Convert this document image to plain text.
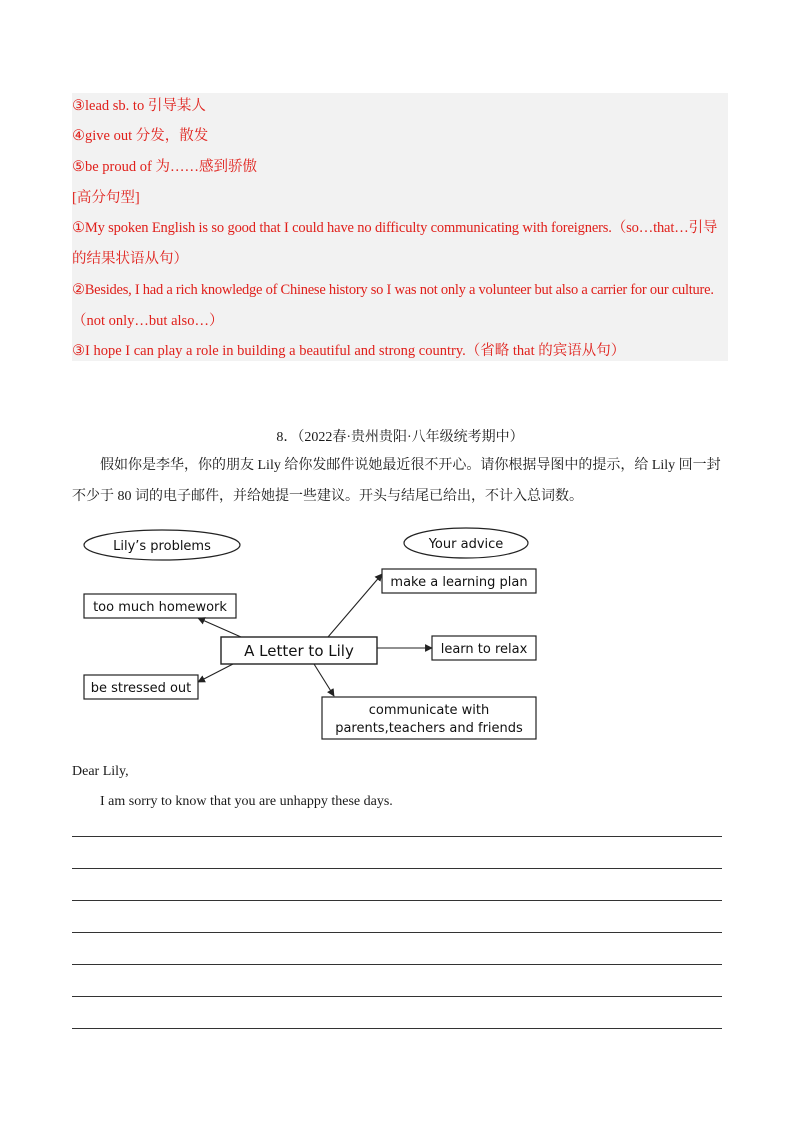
③lead sb. to 引导某人
④give out 分发，散发
⑤be proud of 为……感到骄傲
[高分句型]
①My spoken English is so good that I could have no difficulty communicating with foreigners.（so…that…引导
的结果状语从句）
②Besides, I had a rich knowledge of Chinese history so I was not only a volunteer but also a carrier for our culture.
（not only…but also…）
③I hope I can play a role in building a beautiful and strong country.（省略 that 的宾语从句）
8．（2022春·贵州贵阳·八年级统考期中）
假如你是李华，你的朋友 Lily 给你发邮件说她最近很不开心。请你根据导图中的提示，给 Lily 回一封
不少于 80 词的电子邮件，并给她提一些建议。开头与结尾已给出，不计入总词数。
Lily’s problems	Your advice
too much homework
be stressed out
A Letter to Lily
make a learning plan
learn to relax
communicate with
parents,teachers and friends
Dear Lily,
I am sorry to know that you are unhappy these days.
